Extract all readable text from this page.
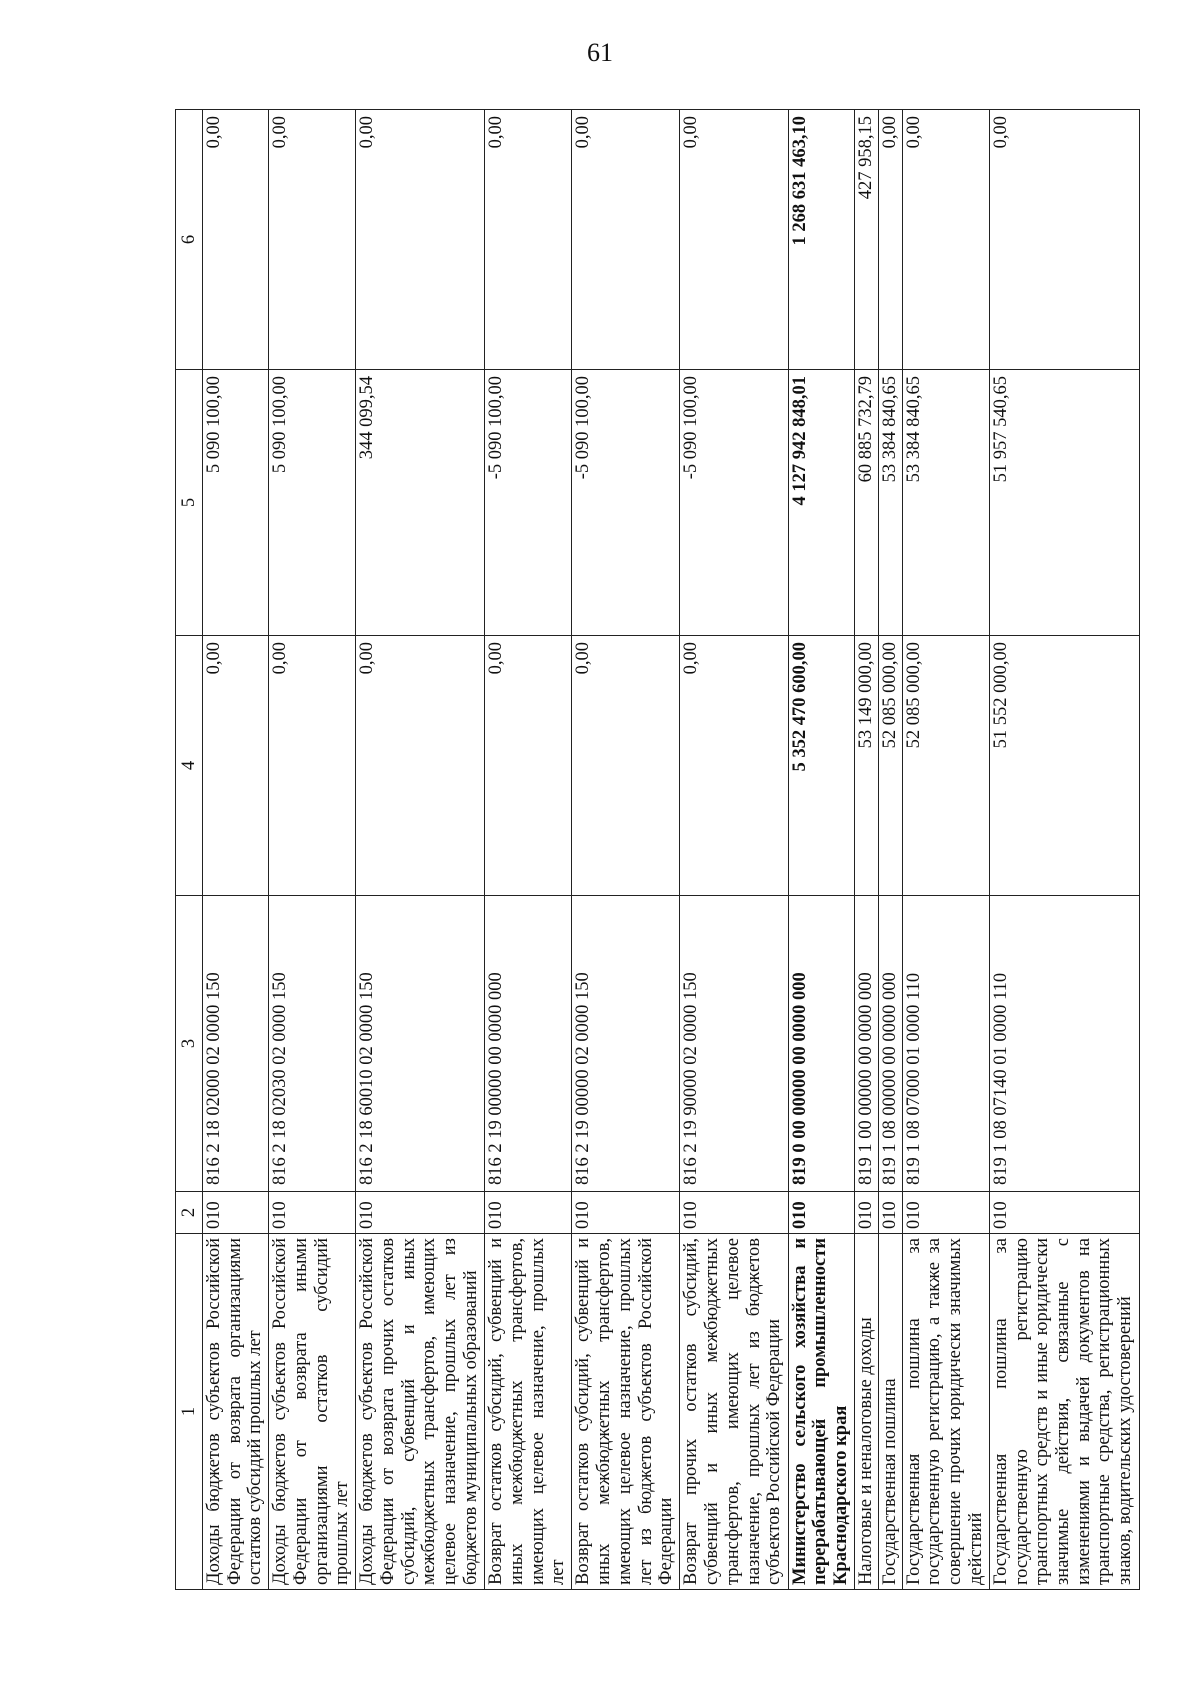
61
1	2	3	4	5	6
Доходы бюджетов субъектов Российской Федерации от возврата организациями остатков субсидий прошлых лет	010	816 2 18 02000 02 0000 150	0,00	5 090 100,00	0,00
Доходы бюджетов субъектов Российской Федерации от возврата иными организациями остатков субсидий прошлых лет	010	816 2 18 02030 02 0000 150	0,00	5 090 100,00	0,00
Доходы бюджетов субъектов Российской Федерации от возврата прочих остатков субсидий, субвенций и иных межбюджетных трансфертов, имеющих целевое назначение, прошлых лет из бюджетов муниципальных образований	010	816 2 18 60010 02 0000 150	0,00	344 099,54	0,00
Возврат остатков субсидий, субвенций и иных межбюджетных трансфертов, имеющих целевое назначение, прошлых лет	010	816 2 19 00000 00 0000 000	0,00	-5 090 100,00	0,00
Возврат остатков субсидий, субвенций и иных межбюджетных трансфертов, имеющих целевое назначение, прошлых лет из бюджетов субъектов Российской Федерации	010	816 2 19 00000 02 0000 150	0,00	-5 090 100,00	0,00
Возврат прочих остатков субсидий, субвенций и иных межбюджетных трансфертов, имеющих целевое назначение, прошлых лет из бюджетов субъектов Российской Федерации	010	816 2 19 90000 02 0000 150	0,00	-5 090 100,00	0,00
Министерство сельского хозяйства и перерабатывающей промышленности Краснодарского края	010	819 0 00 00000 00 0000 000	5 352 470 600,00	4 127 942 848,01	1 268 631 463,10
Налоговые и неналоговые доходы	010	819 1 00 00000 00 0000 000	53 149 000,00	60 885 732,79	427 958,15
Государственная пошлина	010	819 1 08 00000 00 0000 000	52 085 000,00	53 384 840,65	0,00
Государственная пошлина за государственную регистрацию, а также за совершение прочих юридически значимых действий	010	819 1 08 07000 01 0000 110	52 085 000,00	53 384 840,65	0,00
Государственная пошлина за государственную регистрацию транспортных средств и иные юридически значимые действия, связанные с изменениями и выдачей документов на транспортные средства, регистрационных знаков, водительских удостоверений	010	819 1 08 07140 01 0000 110	51 552 000,00	51 957 540,65	0,00
